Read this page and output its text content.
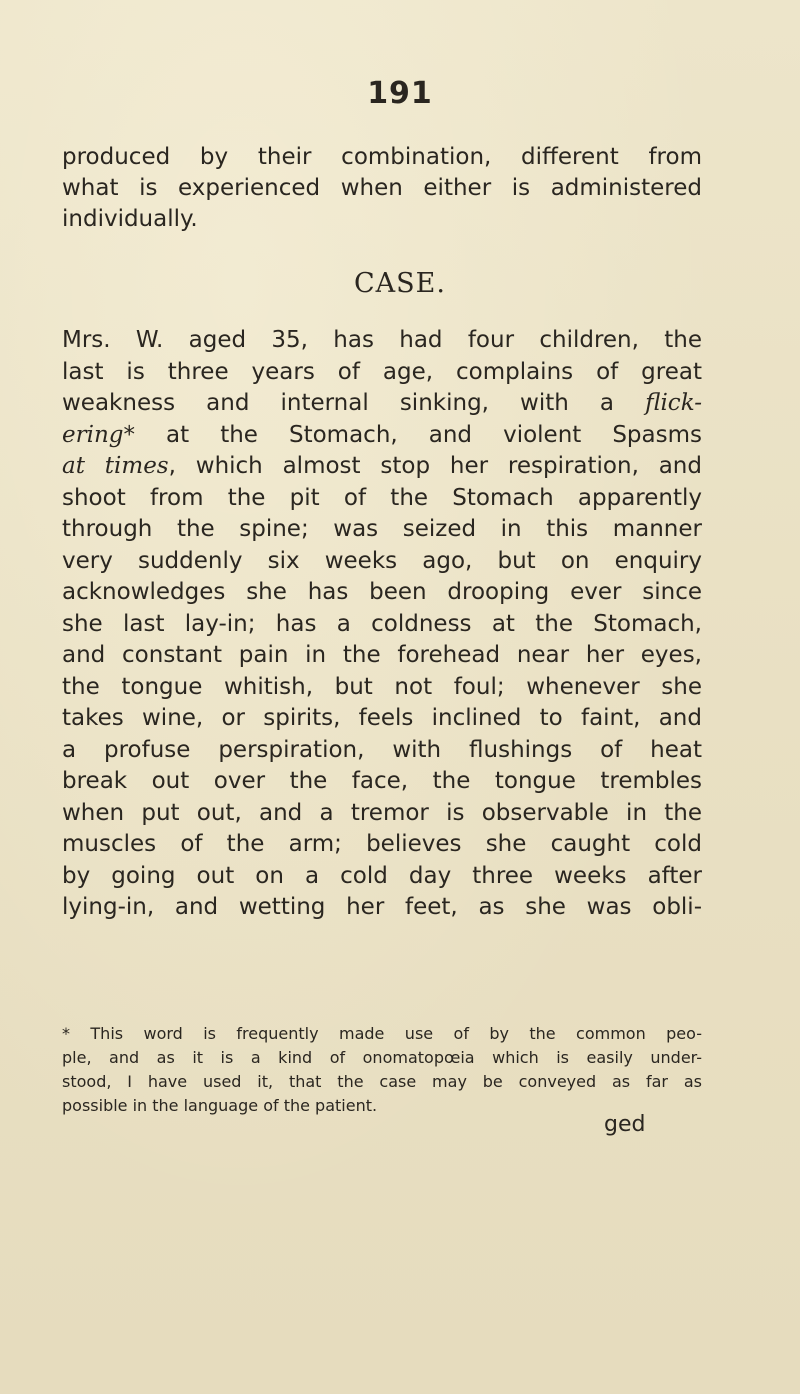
191
produced by their combination, different from
what is experienced when either is administered
individually.
CASE.
Mrs. W. aged 35, has had four children, the
last is three years of age, complains of great
weakness and internal sinking, with a flick-
ering* at the Stomach, and violent Spasms
at times, which almost stop her respiration, and
shoot from the pit of the Stomach apparently
through the spine; was seized in this manner
very suddenly six weeks ago, but on enquiry
acknowledges she has been drooping ever since
she last lay-in; has a coldness at the Stomach,
and constant pain in the forehead near her eyes,
the tongue whitish, but not foul; whenever she
takes wine, or spirits, feels inclined to faint, and
a profuse perspiration, with flushings of heat
break out over the face, the tongue trembles
when put out, and a tremor is observable in the
muscles of the arm; believes she caught cold
by going out on a cold day three weeks after
lying-in, and wetting her feet, as she was obli-
* This word is frequently made use of by the common peo-
ple, and as it is a kind of onomatopœia which is easily under-
stood, I have used it, that the case may be conveyed as far as
possible in the language of the patient.
ged
